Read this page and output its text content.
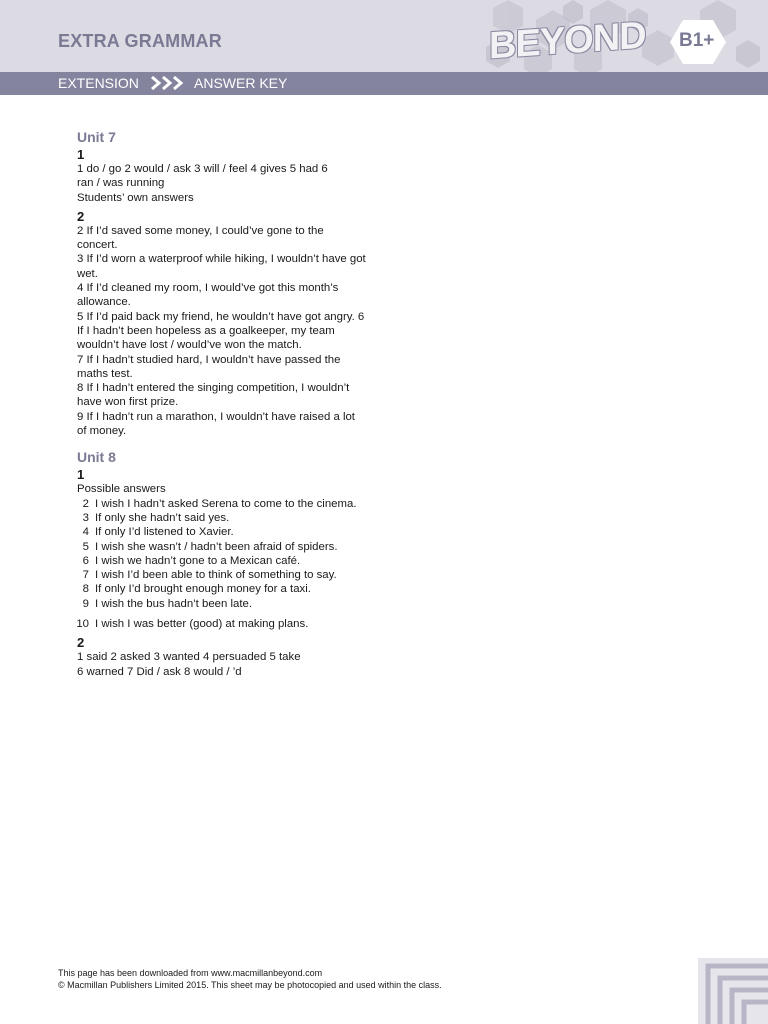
EXTRA GRAMMAR	BEYOND B1+
EXTENSION	ANSWER KEY
Unit 7
1
1 do / go 2 would / ask 3 will / feel 4 gives 5 had 6
ran / was running
Students’ own answers
2
2 If I’d saved some money, I could’ve gone to the
concert.
3 If I’d worn a waterproof while hiking, I wouldn’t have got
wet.
4 If I’d cleaned my room, I would’ve got this month’s
allowance.
5 If I’d paid back my friend, he wouldn’t have got angry. 6
If I hadn’t been hopeless as a goalkeeper, my team
wouldn’t have lost / would’ve won the match.
7 If I hadn’t studied hard, I wouldn’t have passed the
maths test.
8 If I hadn’t entered the singing competition, I wouldn’t
have won first prize.
9 If I hadn’t run a marathon, I wouldn’t have raised a lot
of money.
Unit 8
1
Possible answers
2 I wish I hadn’t asked Serena to come to the cinema.
3 If only she hadn’t said yes.
4 If only I’d listened to Xavier.
5 I wish she wasn’t / hadn’t been afraid of spiders.
6 I wish we hadn’t gone to a Mexican café.
7 I wish I’d been able to think of something to say.
8 If only I’d brought enough money for a taxi.
9 I wish the bus hadn’t been late.
10 I wish I was better (good) at making plans.
2
1 said 2 asked 3 wanted 4 persuaded 5 take
6 warned 7 Did / ask 8 would / ’d
This page has been downloaded from www.macmillanbeyond.com
© Macmillan Publishers Limited 2015. This sheet may be photocopied and used within the class.
